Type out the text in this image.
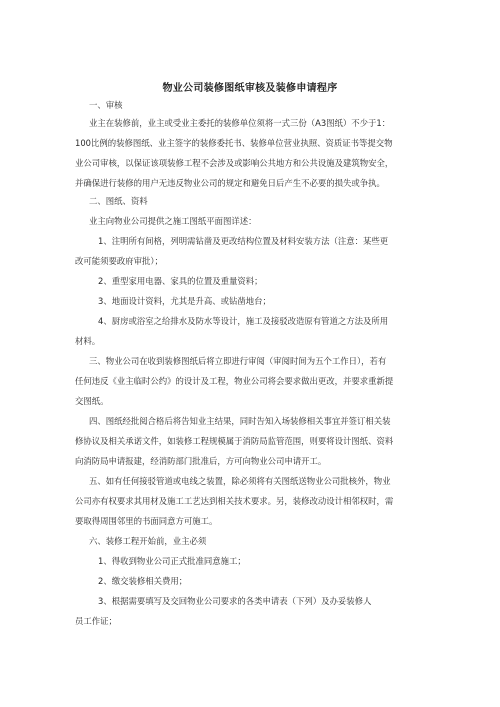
物业公司装修图纸审核及装修申请程序
一、审核
业主在装修前，业主或受业主委托的装修单位须将一式三份（A3图纸）不少于1：
100比例的装修图纸、业主签字的装修委托书、装修单位营业执照、资质证书等提交物
业公司审核，以保证该项装修工程不会涉及或影响公共地方和公共设施及建筑物安全，
并确保进行装修的用户无违反物业公司的规定和避免日后产生不必要的损失或争执。
二、图纸、资料
业主向物业公司提供之施工图纸平面图详述：
1、注明所有间格，列明需钻凿及更改结构位置及材料安装方法（注意：某些更
改可能须要政府审批）；
2、重型家用电器、家具的位置及重量资料；
3、地面设计资料，尤其是升高、或钻凿地台；
4、厨房或浴室之给排水及防水等设计，施工及接驳改造原有管道之方法及所用
材料。
三、物业公司在收到装修图纸后将立即进行审阅（审阅时间为五个工作日），若有
任何违反《业主临时公约》的设计及工程，物业公司将会要求做出更改，并要求重新提
交图纸。
四、图纸经批阅合格后将告知业主结果，同时告知入场装修相关事宜并签订相关装
修协议及相关承诺文件，如装修工程规模属于消防局监管范围，则要将设计图纸、资料
向消防局申请报建，经消防部门批准后，方可向物业公司申请开工。
五、如有任何接驳管道或电线之装置，除必须将有关图纸送物业公司批核外，物业
公司亦有权要求其用材及施工工艺达到相关技术要求。另，装修改动设计相邻权时，需
要取得周围邻里的书面同意方可施工。
六、装修工程开始前，业主必须
1、得收到物业公司正式批准同意施工；
2、缴交装修相关费用；
3、根据需要填写及交回物业公司要求的各类申请表（下列）及办妥装修人
员工作证；
